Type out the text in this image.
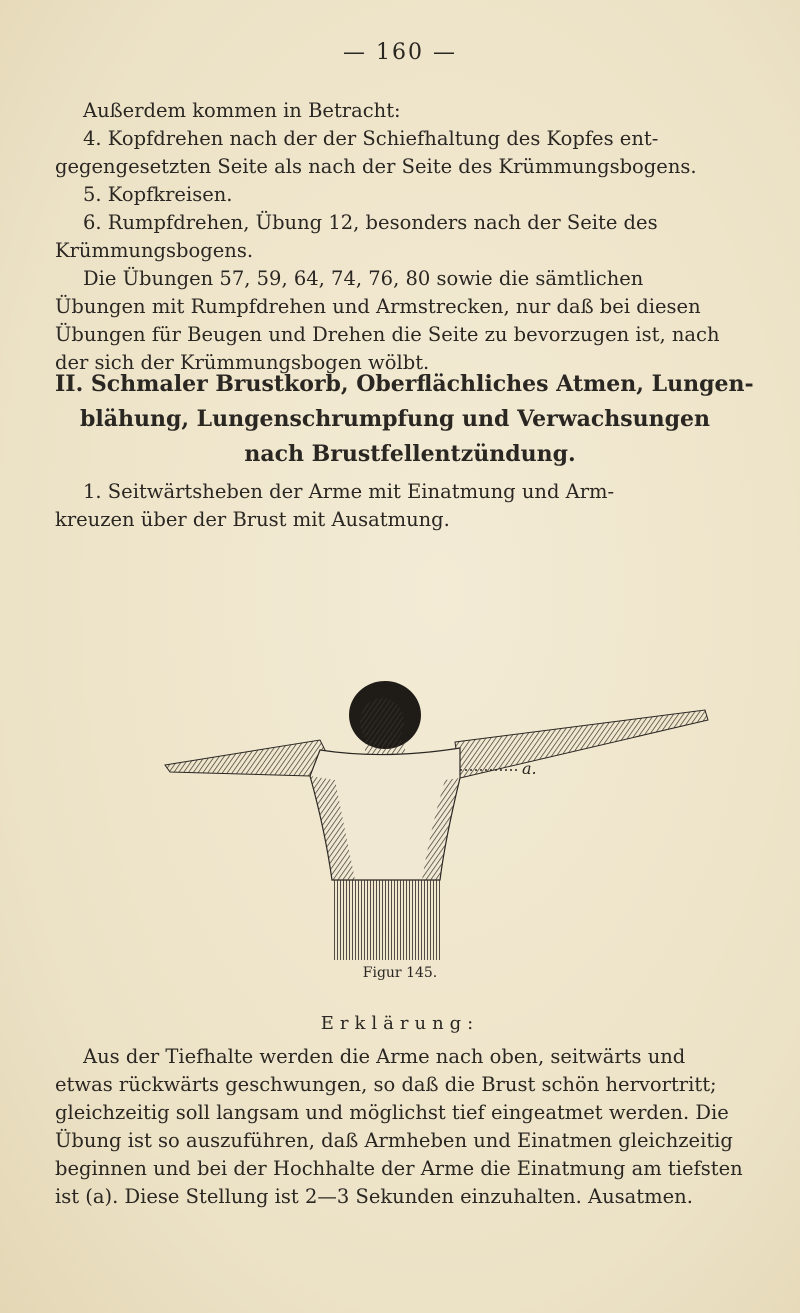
— 160 —
Außerdem kommen in Betracht:
4. Kopfdrehen nach der der Schiefhaltung des Kopfes ent-
gegengesetzten Seite als nach der Seite des Krümmungsbogens.
5. Kopfkreisen.
6. Rumpfdrehen, Übung 12, besonders nach der Seite des
Krümmungsbogens.
Die Übungen 57, 59, 64, 74, 76, 80 sowie die sämtlichen
Übungen mit Rumpfdrehen und Armstrecken, nur daß bei diesen
Übungen für Beugen und Drehen die Seite zu bevorzugen ist, nach
der sich der Krümmungsbogen wölbt.
II. Schmaler Brustkorb, Oberflächliches Atmen, Lungen-
blähung, Lungenschrumpfung und Verwachsungen
nach Brustfellentzündung.
1. Seitwärtsheben der Arme mit Einatmung und Arm-
kreuzen über der Brust mit Ausatmung.
a.
Figur 145.
Erklärung:
Aus der Tiefhalte werden die Arme nach oben, seitwärts und
etwas rückwärts geschwungen, so daß die Brust schön hervortritt;
gleichzeitig soll langsam und möglichst tief eingeatmet werden. Die
Übung ist so auszuführen, daß Armheben und Einatmen gleichzeitig
beginnen und bei der Hochhalte der Arme die Einatmung am tiefsten
ist (a). Diese Stellung ist 2—3 Sekunden einzuhalten. Ausatmen.
